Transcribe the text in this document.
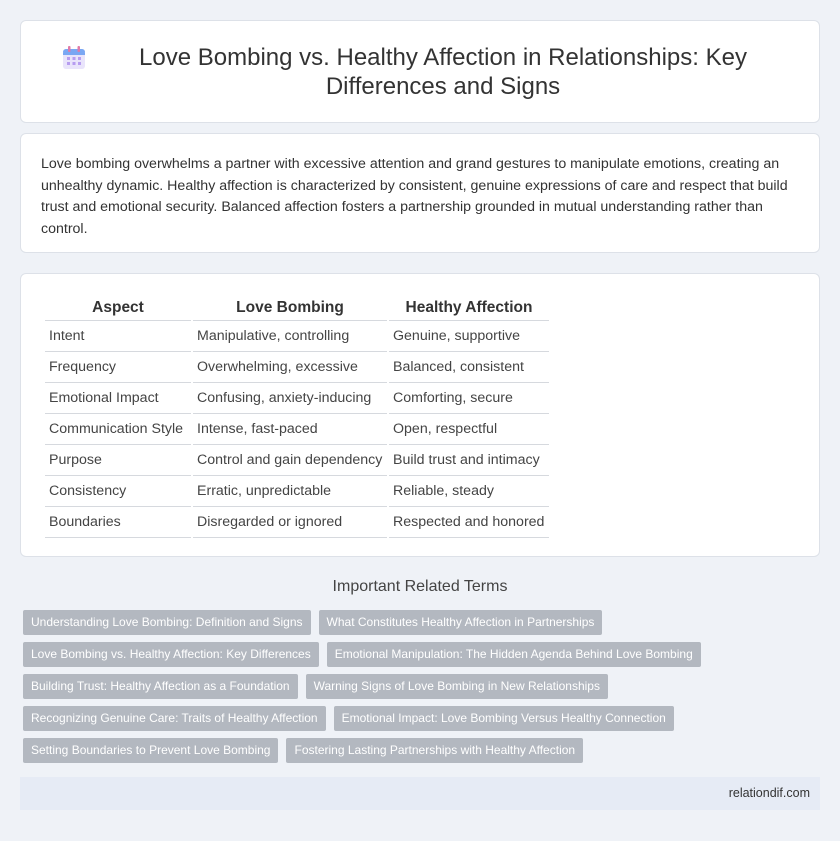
Love Bombing vs. Healthy Affection in Relationships: Key Differences and Signs

Love bombing overwhelms a partner with excessive attention and grand gestures to manipulate emotions, creating an unhealthy dynamic. Healthy affection is characterized by consistent, genuine expressions of care and respect that build trust and emotional security. Balanced affection fosters a partnership grounded in mutual understanding rather than control.

Aspect	Love Bombing	Healthy Affection
Intent	Manipulative, controlling	Genuine, supportive
Frequency	Overwhelming, excessive	Balanced, consistent
Emotional Impact	Confusing, anxiety-inducing	Comforting, secure
Communication Style	Intense, fast-paced	Open, respectful
Purpose	Control and gain dependency	Build trust and intimacy
Consistency	Erratic, unpredictable	Reliable, steady
Boundaries	Disregarded or ignored	Respected and honored
Important Related Terms
Understanding Love Bombing: Definition and Signs	What Constitutes Healthy Affection in Partnerships
Love Bombing vs. Healthy Affection: Key Differences	Emotional Manipulation: The Hidden Agenda Behind Love Bombing
Building Trust: Healthy Affection as a Foundation	Warning Signs of Love Bombing in New Relationships
Recognizing Genuine Care: Traits of Healthy Affection	Emotional Impact: Love Bombing Versus Healthy Connection
Setting Boundaries to Prevent Love Bombing	Fostering Lasting Partnerships with Healthy Affection
relationdif.com
